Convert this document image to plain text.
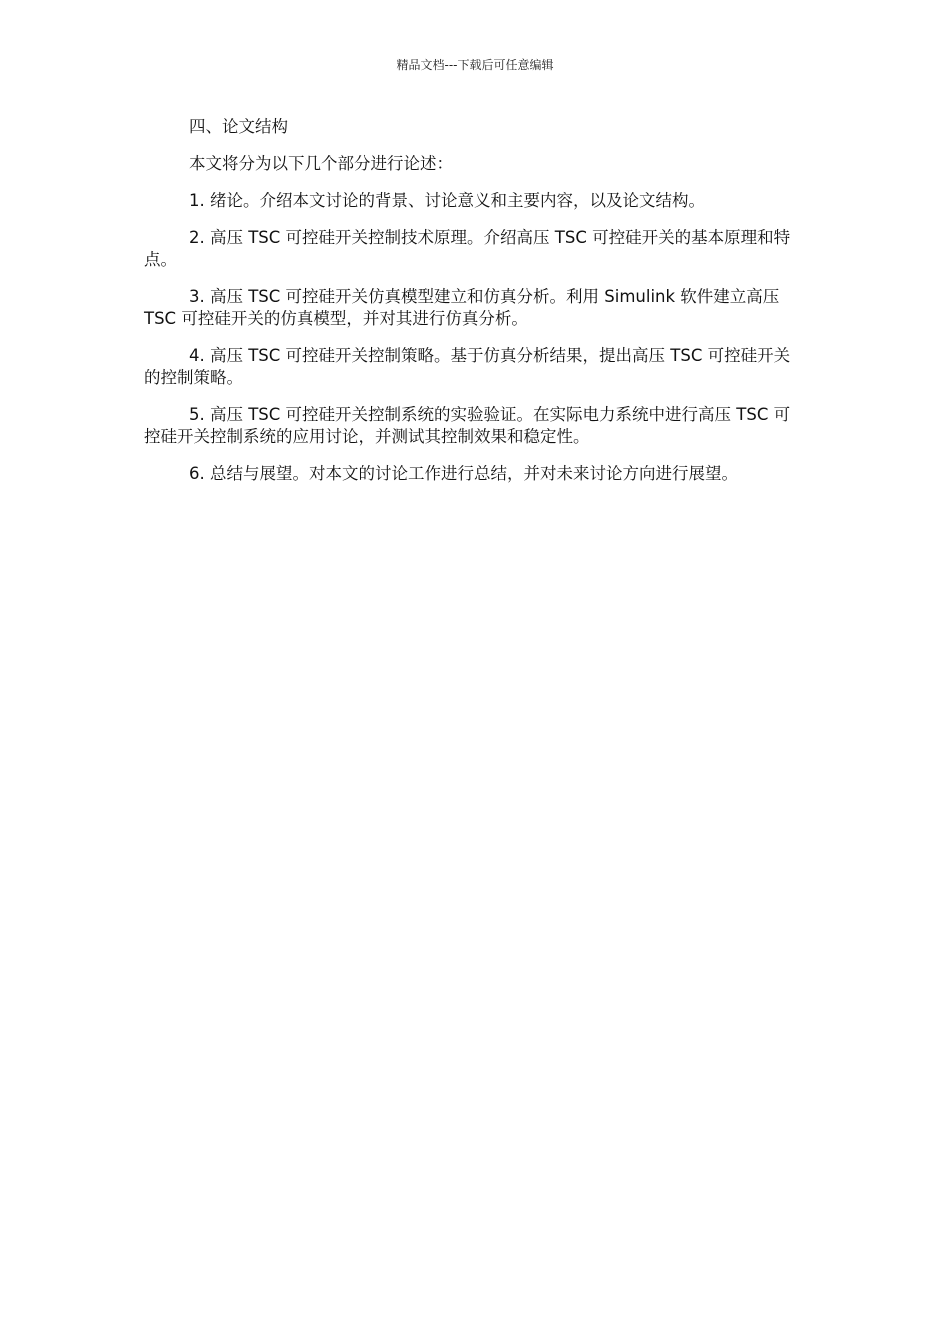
精品文档---下载后可任意编辑

四、论文结构

本文将分为以下几个部分进行论述：

1. 绪论。介绍本文讨论的背景、讨论意义和主要内容，以及论文结构。

2. 高压 TSC 可控硅开关控制技术原理。介绍高压 TSC 可控硅开关的基本原理和特点。

3. 高压 TSC 可控硅开关仿真模型建立和仿真分析。利用 Simulink 软件建立高压 TSC 可控硅开关的仿真模型，并对其进行仿真分析。

4. 高压 TSC 可控硅开关控制策略。基于仿真分析结果，提出高压 TSC 可控硅开关的控制策略。

5. 高压 TSC 可控硅开关控制系统的实验验证。在实际电力系统中进行高压 TSC 可控硅开关控制系统的应用讨论，并测试其控制效果和稳定性。

6. 总结与展望。对本文的讨论工作进行总结，并对未来讨论方向进行展望。
